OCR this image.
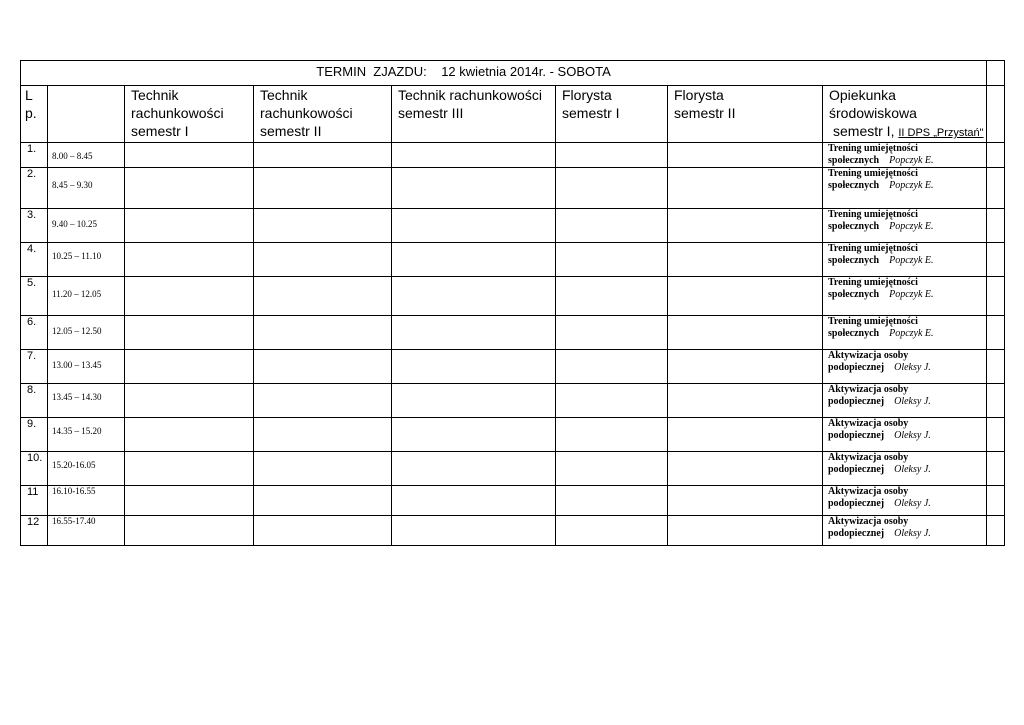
TERMIN  ZJAZDU: 12 kwietnia 2014r. - SOBOTA								
L
p.		Technik
rachunkowości
semestr I	Technik
rachunkowości
semestr II	Technik rachunkowości
semestr III	Florysta
semestr I	Florysta
semestr II	Opiekunka
środowiskowa
semestr I, II DPS „Przystań"	

1.	8.00 – 8.45						Trening umiejętności
społecznych Popczyk E.	
2.	8.45 – 9.30						Trening umiejętności
społecznych Popczyk E.	
3.	9.40 – 10.25						Trening umiejętności
społecznych Popczyk E.	
4.	10.25 – 11.10						Trening umiejętności
społecznych Popczyk E.	
5.	11.20 – 12.05						Trening umiejętności
społecznych Popczyk E.	
6.	12.05 – 12.50						Trening umiejętności
społecznych Popczyk E.	
7.	13.00 – 13.45						Aktywizacja osoby
podopiecznej Oleksy J.	
8.	13.45 – 14.30						Aktywizacja osoby
podopiecznej Oleksy J.	
9.	14.35 – 15.20						Aktywizacja osoby
podopiecznej Oleksy J.	
10.	15.20-16.05						Aktywizacja osoby
podopiecznej Oleksy J.	
11	16.10-16.55						Aktywizacja osoby
podopiecznej Oleksy J.	
12	16.55-17.40						Aktywizacja osoby
podopiecznej Oleksy J.	
